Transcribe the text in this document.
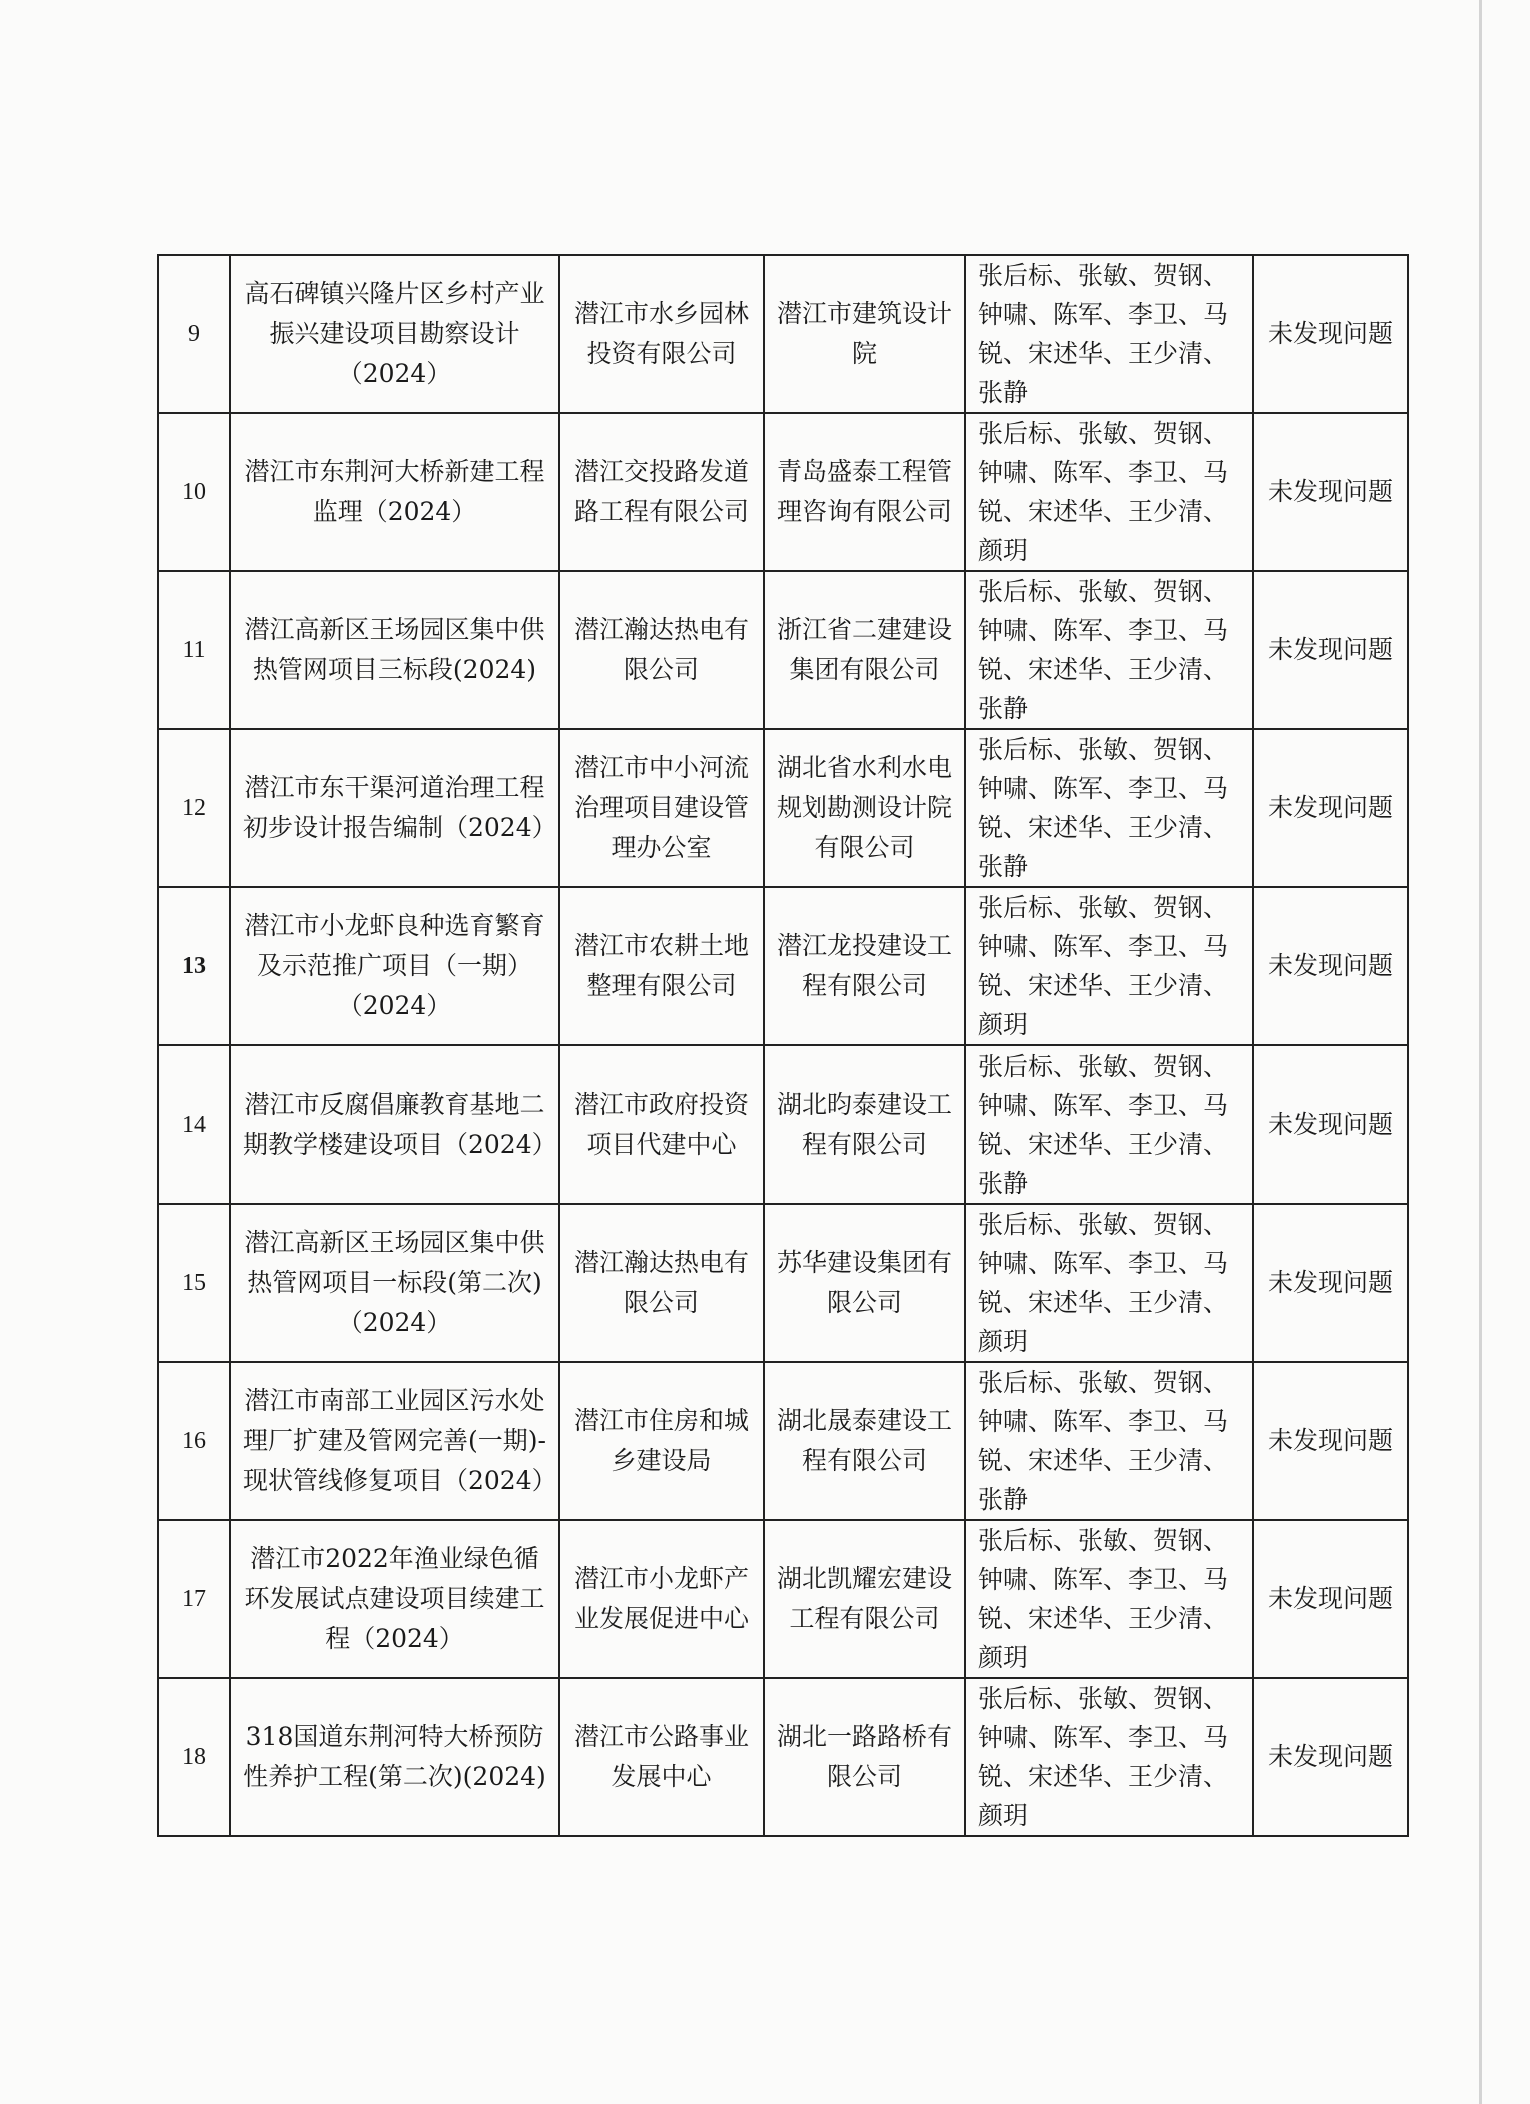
9	高石碑镇兴隆片区乡村产业振兴建设项目勘察设计（2024）	潜江市水乡园林投资有限公司	潜江市建筑设计院	张后标、张敏、贺钢、钟啸、陈军、李卫、马锐、宋述华、王少清、张静	未发现问题
10	潜江市东荆河大桥新建工程监理（2024）	潜江交投路发道路工程有限公司	青岛盛泰工程管理咨询有限公司	张后标、张敏、贺钢、钟啸、陈军、李卫、马锐、宋述华、王少清、颜玥	未发现问题
11	潜江高新区王场园区集中供热管网项目三标段(2024)	潜江瀚达热电有限公司	浙江省二建建设集团有限公司	张后标、张敏、贺钢、钟啸、陈军、李卫、马锐、宋述华、王少清、张静	未发现问题
12	潜江市东干渠河道治理工程初步设计报告编制（2024）	潜江市中小河流治理项目建设管理办公室	湖北省水利水电规划勘测设计院有限公司	张后标、张敏、贺钢、钟啸、陈军、李卫、马锐、宋述华、王少清、张静	未发现问题
13	潜江市小龙虾良种选育繁育及示范推广项目（一期）（2024）	潜江市农耕土地整理有限公司	潜江龙投建设工程有限公司	张后标、张敏、贺钢、钟啸、陈军、李卫、马锐、宋述华、王少清、颜玥	未发现问题
14	潜江市反腐倡廉教育基地二期教学楼建设项目（2024）	潜江市政府投资项目代建中心	湖北昀泰建设工程有限公司	张后标、张敏、贺钢、钟啸、陈军、李卫、马锐、宋述华、王少清、张静	未发现问题
15	潜江高新区王场园区集中供热管网项目一标段(第二次)（2024）	潜江瀚达热电有限公司	苏华建设集团有限公司	张后标、张敏、贺钢、钟啸、陈军、李卫、马锐、宋述华、王少清、颜玥	未发现问题
16	潜江市南部工业园区污水处理厂扩建及管网完善(一期)-现状管线修复项目（2024）	潜江市住房和城乡建设局	湖北晟泰建设工程有限公司	张后标、张敏、贺钢、钟啸、陈军、李卫、马锐、宋述华、王少清、张静	未发现问题
17	潜江市2022年渔业绿色循环发展试点建设项目续建工程（2024）	潜江市小龙虾产业发展促进中心	湖北凯耀宏建设工程有限公司	张后标、张敏、贺钢、钟啸、陈军、李卫、马锐、宋述华、王少清、颜玥	未发现问题
18	318国道东荆河特大桥预防性养护工程(第二次)(2024)	潜江市公路事业发展中心	湖北一路路桥有限公司	张后标、张敏、贺钢、钟啸、陈军、李卫、马锐、宋述华、王少清、颜玥	未发现问题
